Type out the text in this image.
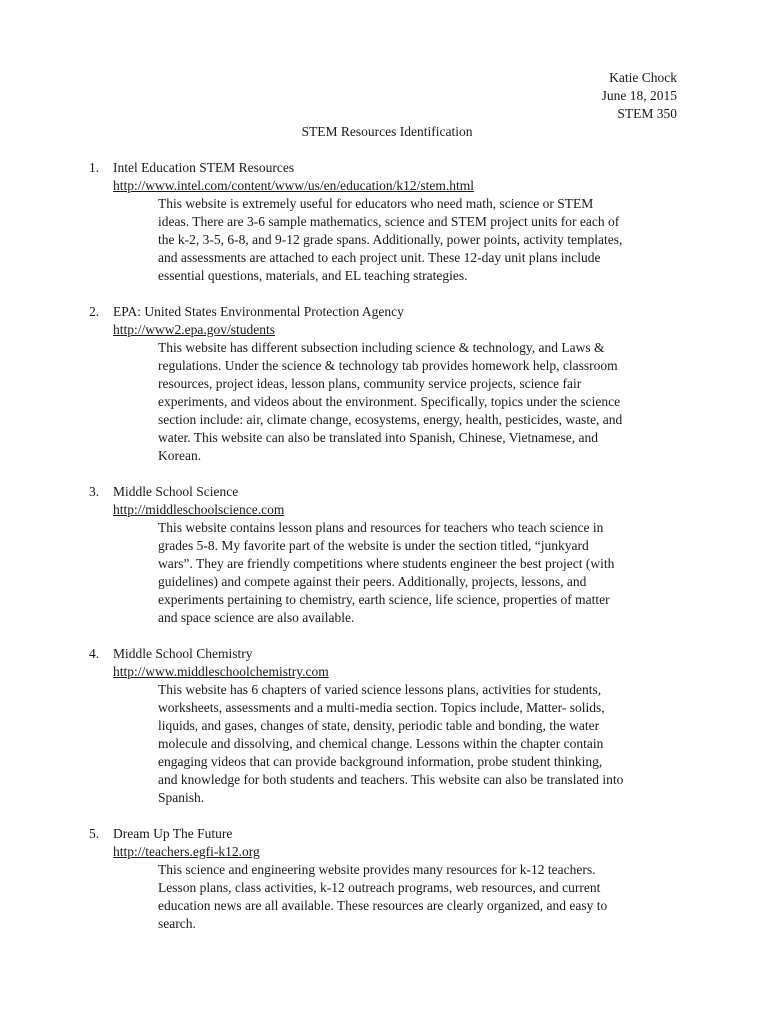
Katie Chock
June 18, 2015
STEM 350
STEM Resources Identification
1. Intel Education STEM Resources
http://www.intel.com/content/www/us/en/education/k12/stem.html
This website is extremely useful for educators who need math, science or STEM
ideas. There are 3-6 sample mathematics, science and STEM project units for each of
the k-2, 3-5, 6-8, and 9-12 grade spans. Additionally, power points, activity templates,
and assessments are attached to each project unit. These 12-day unit plans include
essential questions, materials, and EL teaching strategies.
2. EPA: United States Environmental Protection Agency
http://www2.epa.gov/students
This website has different subsection including science & technology, and Laws &
regulations. Under the science & technology tab provides homework help, classroom
resources, project ideas, lesson plans, community service projects, science fair
experiments, and videos about the environment. Specifically, topics under the science
section include: air, climate change, ecosystems, energy, health, pesticides, waste, and
water. This website can also be translated into Spanish, Chinese, Vietnamese, and
Korean.
3. Middle School Science
http://middleschoolscience.com
This website contains lesson plans and resources for teachers who teach science in
grades 5-8. My favorite part of the website is under the section titled, “junkyard
wars”. They are friendly competitions where students engineer the best project (with
guidelines) and compete against their peers. Additionally, projects, lessons, and
experiments pertaining to chemistry, earth science, life science, properties of matter
and space science are also available.
4. Middle School Chemistry
http://www.middleschoolchemistry.com
This website has 6 chapters of varied science lessons plans, activities for students,
worksheets, assessments and a multi-media section. Topics include, Matter- solids,
liquids, and gases, changes of state, density, periodic table and bonding, the water
molecule and dissolving, and chemical change. Lessons within the chapter contain
engaging videos that can provide background information, probe student thinking,
and knowledge for both students and teachers. This website can also be translated into
Spanish.
5. Dream Up The Future
http://teachers.egfi-k12.org
This science and engineering website provides many resources for k-12 teachers.
Lesson plans, class activities, k-12 outreach programs, web resources, and current
education news are all available. These resources are clearly organized, and easy to
search.
